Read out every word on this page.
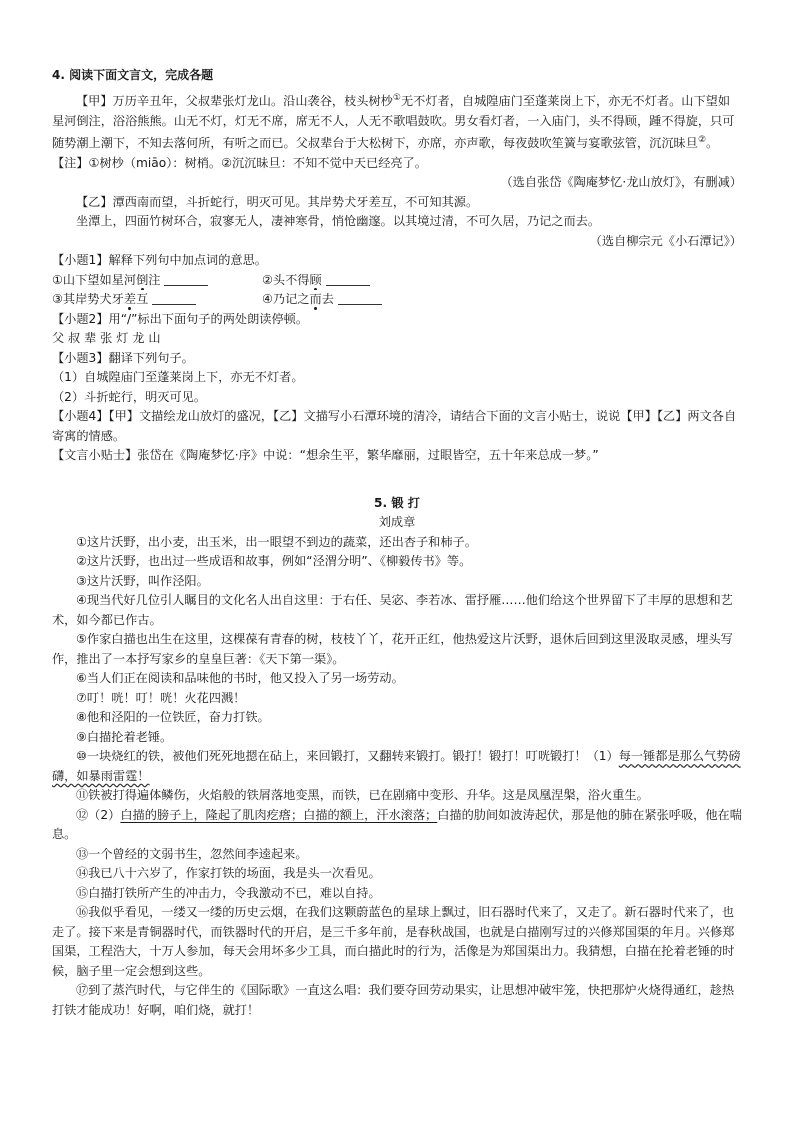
4. 阅读下面文言文，完成各题
【甲】万历辛丑年，父叔辈张灯龙山。沿山袭谷，枝头树杪①无不灯者，自城隍庙门至蓬莱岗上下，亦无不灯者。山下望如星河倒注，浴浴熊熊。山无不灯，灯无不席，席无不人，人无不歌唱鼓吹。男女看灯者，一入庙门，头不得顾，踵不得旋，只可随势潮上潮下，不知去落何所，有听之而已。父叔辈台于大松树下，亦席，亦声歌，每夜鼓吹笙簧与宴歌弦管，沉沉昧旦②。
【注】①树杪（miāo）：树梢。②沉沉昧旦：不知不觉中天已经亮了。
（选自张岱《陶庵梦忆·龙山放灯》，有删减）
【乙】潭西南而望，斗折蛇行，明灭可见。其岸势犬牙差互，不可知其源。
坐潭上，四面竹树环合，寂寥无人，凄神寒骨，悄怆幽邃。以其境过清，不可久居，乃记之而去。
（选自柳宗元《小石潭记》）
【小题1】解释下列句中加点词的意思。
①山下望如星河倒注	②头不得顾
③其岸势犬牙差互	④乃记之而去
【小题2】用“/”标出下面句子的两处朗读停顿。
父 叔 辈 张 灯 龙 山
【小题3】翻译下列句子。
（1）自城隍庙门至蓬莱岗上下，亦无不灯者。
（2）斗折蛇行，明灭可见。
【小题4】【甲】文描绘龙山放灯的盛况，【乙】文描写小石潭环境的清冷，请结合下面的文言小贴士，说说【甲】【乙】两文各自寄寓的情感。
【文言小贴士】张岱在《陶庵梦忆·序》中说：“想余生平，繁华靡丽，过眼皆空，五十年来总成一梦。”
5. 锻 打
刘成章
①这片沃野，出小麦，出玉米，出一眼望不到边的蔬菜，还出杏子和柿子。
②这片沃野，也出过一些成语和故事，例如“泾渭分明”、《柳毅传书》等。
③这片沃野，叫作泾阳。
④现当代好几位引人瞩目的文化名人出自这里：于右任、吴宓、李若冰、雷抒雁……他们给这个世界留下了丰厚的思想和艺术，如今都已作古。
⑤作家白描也出生在这里，这棵葆有青春的树，枝枝丫丫，花开正红，他热爱这片沃野，退休后回到这里汲取灵感，埋头写作，推出了一本抒写家乡的皇皇巨著：《天下第一渠》。
⑥当人们正在阅读和品味他的书时，他又投入了另一场劳动。
⑦叮！咣！叮！咣！火花四溅！
⑧他和泾阳的一位铁匠，奋力打铁。
⑨白描抡着老锤。
⑩一块烧红的铁，被他们死死地摁在砧上，来回锻打，又翻转来锻打。锻打！锻打！叮咣锻打！（1）每一锤都是那么气势磅礴，如暴雨雷霆！
⑪铁被打得遍体鳞伤，火焰般的铁屑落地变黑，而铁，已在剧痛中变形、升华。这是凤凰涅槃，浴火重生。
⑫（2）白描的膀子上，隆起了肌肉疙瘩；白描的额上，汗水滚落；白描的肋间如波涛起伏，那是他的肺在紧张呼吸，他在喘息。
⑬一个曾经的文弱书生，忽然间李逵起来。
⑭我已八十六岁了，作家打铁的场面，我是头一次看见。
⑮白描打铁所产生的冲击力，令我激动不已，难以自持。
⑯我似乎看见，一缕又一缕的历史云烟，在我们这颗蔚蓝色的星球上飘过，旧石器时代来了，又走了。新石器时代来了，也走了。接下来是青铜器时代，而铁器时代的开启，是三千多年前，是春秋战国，也就是白描刚写过的兴修郑国渠的年月。兴修郑国渠，工程浩大，十万人参加，每天会用坏多少工具，而白描此时的行为，活像是为郑国渠出力。我猜想，白描在抡着老锤的时候，脑子里一定会想到这些。
⑰到了蒸汽时代，与它伴生的《国际歌》一直这么唱：我们要夺回劳动果实，让思想冲破牢笼，快把那炉火烧得通红，趁热打铁才能成功！好啊，咱们烧，就打！
